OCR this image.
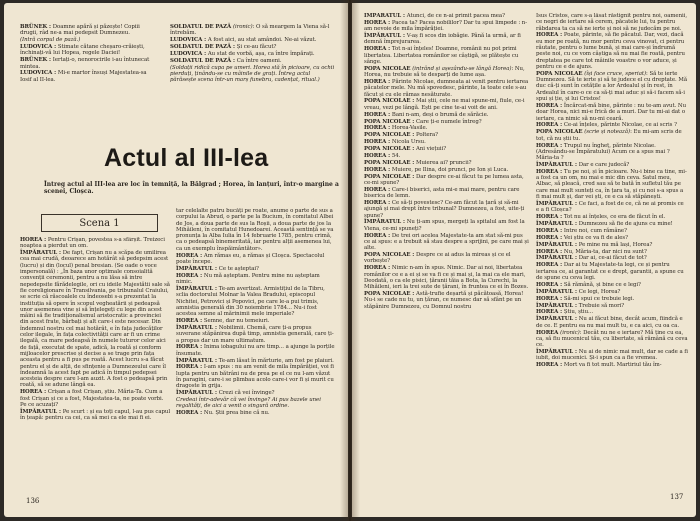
BRÜNEK : Doamne apără și păzește! Copiii drugii, râd ne-a mai pedepsit Dumnezeu.

(Intră corpul de pază.)

LUDOVICA : Stimate cătane cheșaro-crăiești, închinați-vă lui Hopea, regele Daciei!

BRÜNEK : Iertați-o, nenorocirile i-au întunecat mintea.

LUDOVICA : Mi-e martor însuși Majestatea-sa Iosif al II-lea.

SOLDATUL DE PAZĂ (ironic): O să meargem la Viena să-l întrebăm.

LUDOVICA : A fost aici, au stat amândoi. Ne-ai văzut.

SOLDATUL DE PAZĂ : Și ce-au făcut?

LUDOVICA : Au stat de vorbă, așa, ca între împărați.

SOLDATUL DE PAZĂ : Ca între oameni.

(Soldații ridică cupa pe umeri. Horea stă în picioare, cu ochii pierduți, ținându-se cu mâinile de grați. Întreg actul părăsește scena într-un marș funebru, cadențat, ritual.)

Actul al III-lea
Întreg actul al III-lea are loc în temniță, la Bălgrad ; Horea, în lanțuri, într-o margine a scenei, Cloșca.
Scena 1

HOREA : Pentru Crișan, povestea s-a sfârșit. Treizeci noaptea a pierdut un om.

ÎMPĂRATUL : De fapt, Crișan nu a scăpa de umilirea cea mai crudă, deoarece am hotărât să pedepsim acest (lucru) și din (locul) penal bresian. (Se oade o voce impersonală) : „În baza unor optimale consoialită convenții ceremonii, pentru a nu lăsa să intre nepedepsite fărădelegile, ori cu ideile Majestătii sale să fie coreligionare în Transilvania, pe tribunalul Craiului, se scrie că răscoalele cu îndeosebi s-a prezentat la instituția să opere în scopul vegheatării și pedeapsă unor asemenea vine și să înțelegeți cu lege din acest mâini să fie tradiționalismul aristocratic a provinciei din acest frate, bărbați și alt care-i este necesar. Din îndemnul nostru cel mai hotărât, e în fața judecăților celor ilegale, în fața colectivității care ar fi un crime ilegală, ca mare pedeapsă în numele tuturor celor aici de față, executat de spate, adică, la roată și conform mijloacelor prescrise și decise a se trage prin fața aceasta pentru a fi pus pe roată. Acest lucru s-a făcut pentru el și de alții, de sfințenie a Dumnezeului care îl îndeamnă la acest fapt pe adică în timpul pedepsei acesteia despre care l-am auzit. A fost o pedeapsă prin roată, să se adune lângă ea.

HOREA : Crișan a fost Crișan, știu. Măria-Ta. Cum a fost Crișan și ce a fost, Majestatea-ta, ne poate vorbi. Pe ce acuzați?

ÎMPĂRATUL : Pe scurt : și ea toți capul, l-au pus capul în țeapă: pentru ca cei, ca să mei ca ele mai fi ei.

tar celelalte patru bucăți pe roate, anume o parte de sus a corpului la Abrud, o parte pe la Bucium, în comitatul Albei de Jos, a doua parte de sus la Roșii, a doua parte de jos la Mihăileni, în comitatul Hunedoarei. Această sentință se va pronunța la Alba Iulia în 14 februarie 1785, pentru crimă, ca o pedeapsă binemeritată, iar pentru alții asemenea lui, ca un exemplu înspăimântător».

HOREA : Am rămas eu, a rămas și Cloșca. Spectacolul poate începe.

ÎMPĂRATUL : Ce te așteptai?

HOREA : Nu mă așteptam. Pentru mine nu așteptam nimic.

ÎMPĂRATUL : Te-am avertizat. Armistițiul de la Tibru, sclia doctorului Molnar la Valea Bradului, episcopul Nichitei, Petrovici și Popovici, pe care le-a pui trimis, amnistia generală din 30 noiembrie 1784... Nu-i fost acestea semne al mărinimii mele imperiale?

HOREA : Semne, dar nu temeiuri.

ÎMPĂRATUL : Nobilimii. Chemă, care ți-a propus suverane stăpânirea după timp, amnistia generală, care ți-a propus dar un mare ultimatum.

HOREA : Inima iobagului nu are timp... a ajunge la porțile însumate.

ÎMPĂRATUL : Te-am lăsat în mărturie, am fost pe plaiuri.

HOREA : I-am spus : nu am venit de mila împărăției, voi fi lupta pentru un bătrâni nu de prea pe el ce nu l-am văzut în paragini, care-i se plimbau acolo care-i vor fi și murit cu dragoste în grija.

ÎMPĂRATUL : Crezi că vei învinge?

Credeai într-adevăr că vei învinge? Ai pus bazele unei regalități, de aici a venit o singură ordine.

HOREA : Nu. Știi prea bine că nu.

136

ÎMPĂRATUL : Atunci, de ce n-ai primit pacea mea?

HOREA : Pacea ta? Pacea nobililor? Dar tu spui limpede : n-am nevoie de mila împărăției.

ÎMPĂRATUL : V-aș fi scos din iobăgie. Până la urmă, ar fi demnă împrejurarea.

HOREA : Tot n-ai înțeles! Doamne, românii nu pot primi libertatea. Libertatea românilor se câștigă, se plătește cu sânge.

POPA NICOLAE (intrând și așezându-se lângă Horea): Nu, Horea, nu trebuie să te desparți de lume așa.

HOREA : Părinte Nicolae, dumneata ai venit pentru iertarea păcatelor mele. Nu mă spovedesc, părinte, la toate cele s-au făcut și cu ele rămas nesăturate.

POPA NICOLAE : Mai știi, cele ne mai spune-mi, fiule, ce-i vreau, vezi pe lângă. Ești pe cine te-ai voit de ani.

HOREA : Bani n-am, deși o brumă de sărăcie.

POPA NICOLAE : Care ți-e numele întreg?

HOREA : Horea-Vasile.

POPA NICOLAE : Poltera?

HOREA : Nicola Ursu.

POPA NICOLAE : Ani viețuii?

HOREA : 54.

POPA NICOLAE : Muierea ai? pruncii?

HOREA : Muiere, pe Ilina, doi prunci, pe Ion și Luca.

POPA NICOLAE : Dar despre ce-ai făcut tu pe lumea asta, ce-mi spune?

HOREA : Care-i biserici, asta mi-e mai mare, pentru care biserica de lemn.

HOREA : Ce să-ți povestesc? Ce-am făcut la țară și să-mi ajungă și mai drept între tribunal? Dumnezeu, a fost, uite-ți spune?

ÎMPĂRATUL : Nu ți-am spus, mergeți la spitalul am fost la Viena, ce-mi spuneți?

HOREA : De trei ori acelea Majestate-ta am stat să-mi pus ce ai spus: e a trebuit să stau despre a sprijini, pe care mai și alte.

POPA NICOLAE : Despre ce ai adus la mireas și ce el vorbește?

HOREA : Nimic n-am în spus. Nimic. Dar ai noi, libertatea românilor ce e a ei și se va fi ce și mai și, la mai ca ele mari, Deodată, o ca ele pisici, țăranii tăia a Bota, la Curechi, la Mihăileni, ieri la trei sute de țărani, în fruntea ce ei în Bozes.

POPA NICOLAE : Astă-trufie deșartă și păcătoasă, Horea! Nu-i se cade nu tu, un țăran, ce numesc dar să sfânt pe un stăpânire Dumnezeu, cu Domnul nostru

Isus Cristos, care s-a lăsat răstignit pentru noi, oamenii, ce negri de iertare să cerem, păcatele lui, tu pentru răbdarea ta ca să ne ierte și noi să ne judecăm pe noi.

HOREA : Poate, părinte, să fie păcatul. Dar, vezi, dacă eu mor pe roată, nu mor pentru ceva vinovat, ci pentru răutate, pentru o lume bună, și mai care-și îndrumă peste noi, cu ce vom câștiga să nu mai fie roată, pentru dreptatea pe care tot mâinile voastre o vor aduce, și pentru ce e de ajuns.

POPA NICOLAE (își face cruce, speriat): Să te ierte Dumnezeu. Să te ierte și să te judece el cu dreptate. Mă duc că-ți sunt în cetățile a lor Ardealul și în rest, în Ardealul în care-o ce ca să-ți mai aduc și să-i facem să-i spui și ție, și lui Cristos!

HOREA : Încărcat-mă bine, părinte : nu te-am avut. Nu doar Horea, nici mi-e frică de a muri. Dar tu mi-ai dat o iertare, ca nimic să nu-mi ceară.

HOREA : Ce-ai înțeles, părinte Nicolae, ce ai scris ?

POPA NICOLAE (scrie și notează): Eu mi-am scris de tot, că nu știi tu.

HOREA : Trupul nu îngheț, părinte Nicolae. (Adresându-se Împăratului) Acum ce a spus mai ? Măria-ta ?

ÎMPĂRATUL : Dar e care judecă?

HOREA : Tu pe noi, și în picioare. Nu-i bine ca tine, mi-a fost ca un om, nu mai e mic din ceva. Satul meu, Albac, să pleacă, cred sau să te bată în sufletul tău pe care mai mult sunteți ca, în țara ta, și cu noi s-a spus a fi mai mult și, dar vei ști, ce e ca să stăpânești.

ÎMPĂRATUL : Ce faci, a fost de ce, că ne ai promis ce e a fi Cloșca?

HOREA : Tot nu ai înțeles, ce era de făcut în el.

ÎMPĂRATUL : Dumnezeu să fie de ajuns cu mine!

HOREA : Intre noi, cum rămâne?

HOREA : Vei știu ce va fi de ales?

ÎMPĂRATUL : Pe mine nu mă lași, Horea?

HOREA : Nu, Măria-ta, dar nici nu sunt?

ÎMPĂRATUL : Dar ai, ce-ai făcut de tot?

HOREA : Dar ai tu Majestate-ta legi, ce și pentru iertarea ce, ai garantat ce e drept, garantii, a spune cu de spune cu ceva legi.

HOREA : Să rămână, și bine ce e legi?

ÎMPĂRATUL : Ce legi, Horea?

HOREA : Să-mi spui ce trebuie legi.

ÎMPĂRATUL : Trebuie să mori?

HOREA : Știu, știu...

ÎMPĂRATUL : Nu ai făcut bine, decât acum, fiindcă e de ce. E pentru ea nu mai mult tu, e ca aici, cu oa ca.

HOREA (ironic): Decât nu ne e iertare? Mă ține cu ea, ca, să fiu mucenicul tău, cu libertate, să rămână cu ceva ce.

ÎMPĂRATUL : Nu ai de nimic mai mult, dar se cade a fi iubit, doi mucenici. Și-i spun ca a fie vremea.

HOREA : Mort va fi tot mult. Martiriul tău îm-

137
